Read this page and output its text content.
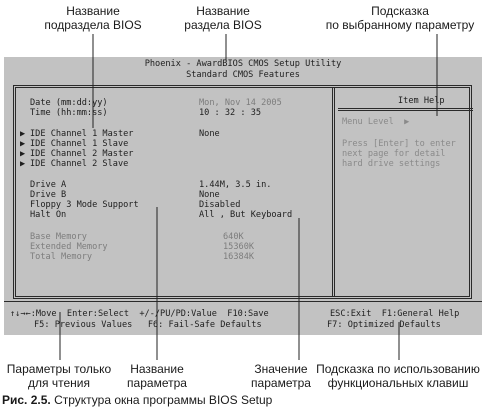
Название
подраздела BIOS
Название
раздела BIOS
Подсказка
по выбранному параметру
Phoenix - AwardBIOS CMOS Setup Utility
Standard CMOS Features
Date (mm:dd:yy)	Mon, Nov 14 2005
Time (hh:mm:ss)	10 : 32 : 35
▶ IDE Channel 1 Master	None
▶ IDE Channel 1 Slave
▶ IDE Channel 2 Master
▶ IDE Channel 2 Slave
Drive A	1.44M, 3.5 in.
Drive B	None
Floppy 3 Mode Support	Disabled
Halt On	All , But Keyboard
Base Memory	640K
Extended Memory	15360K
Total Memory	16384K
Item Help
Menu Level  ▶
Press [Enter] to enter
next page for detail
hard drive settings
↑↓→←:Move  Enter:Select  +/-/PU/PD:Value  F10:Save	ESC:Exit  F1:General Help
F5: Previous Values   F6: Fail-Safe Defaults	F7: Optimized Defaults
Параметры только
для чтения
Название
параметра
Значение
параметра
Подсказка по использованию
функциональных клавиш
Рис. 2.5. Структура окна программы BIOS Setup
